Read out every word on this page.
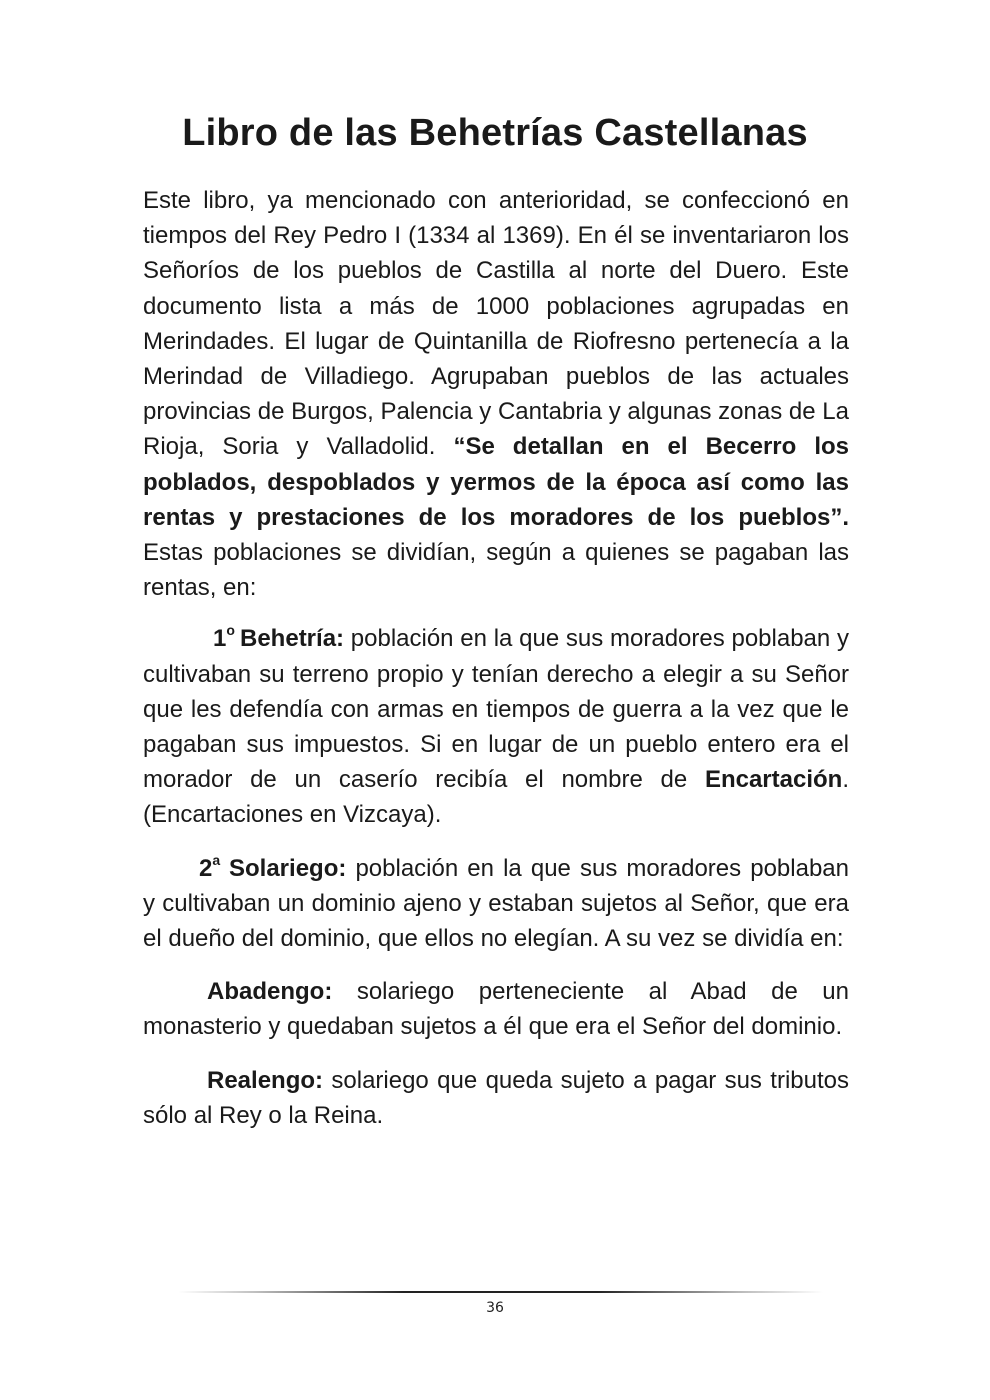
Libro de las Behetrías Castellanas

Este libro, ya mencionado con anterioridad, se confeccionó en tiempos del Rey Pedro I (1334 al 1369). En él se inventariaron los Señoríos de los pueblos de Castilla al norte del Duero. Este documento lista a más de 1000 poblaciones agrupadas en Merindades. El lugar de Quintanilla de Riofresno pertenecía a la Merindad de Villadiego. Agrupaban pueblos de las actuales provincias de Burgos, Palencia y Cantabria y algunas zonas de La Rioja, Soria y Valladolid. “Se detallan en el Becerro los poblados, despoblados y yermos de la época así como las rentas y prestaciones de los moradores de los pueblos”. Estas poblaciones se dividían, según a quienes se pagaban las rentas, en:

1$^o$ Behetría: población en la que sus moradores poblaban y cultivaban su terreno propio y tenían derecho a elegir a su Señor que les defendía con armas en tiempos de guerra a la vez que le pagaban sus impuestos. Si en lugar de un pueblo entero era el morador de un caserío recibía el nombre de Encartación. (Encartaciones en Vizcaya).

2$^a$ Solariego: población en la que sus moradores poblaban y cultivaban un dominio ajeno y estaban sujetos al Señor, que era el dueño del dominio, que ellos no elegían. A su vez se dividía en:

Abadengo: solariego perteneciente al Abad de un monasterio y quedaban sujetos a él que era el Señor del dominio.

Realengo: solariego que queda sujeto a pagar sus tributos sólo al Rey o la Reina.

36
